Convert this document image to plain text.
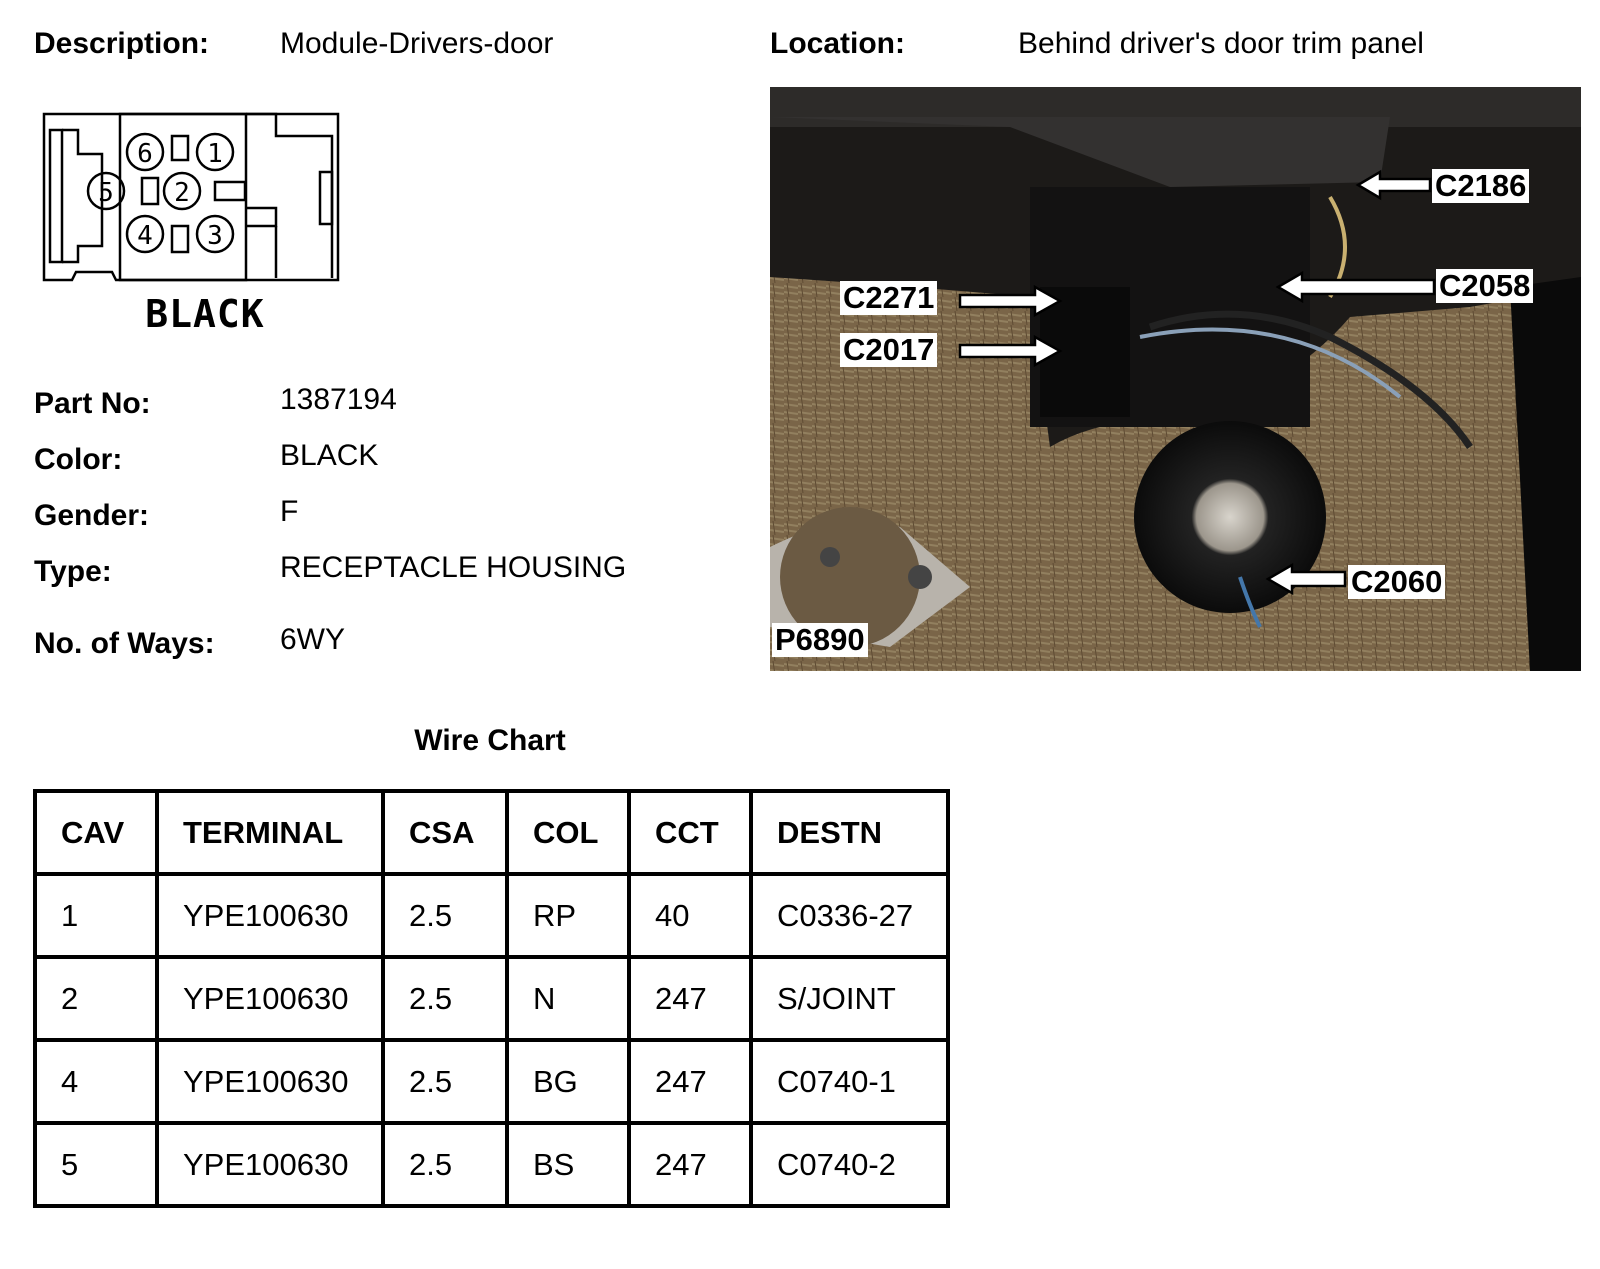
Description: Module-Drivers-door	Location:	Behind driver's door trim panel
6 1
5 2
4 3
BLACK
Part No:	1387194
Color:	BLACK
Gender:	F
Type:	RECEPTACLE HOUSING
No. of Ways: 6WY
C2186
C2271	C2058
C2017
C2060
P6890
Wire Chart
CAV	TERMINAL	CSA	COL	CCT	DESTN
1	YPE100630	2.5	RP	40	C0336-27
2	YPE100630	2.5	N	247	S/JOINT
4	YPE100630	2.5	BG	247	C0740-1
5	YPE100630	2.5	BS	247	C0740-2
